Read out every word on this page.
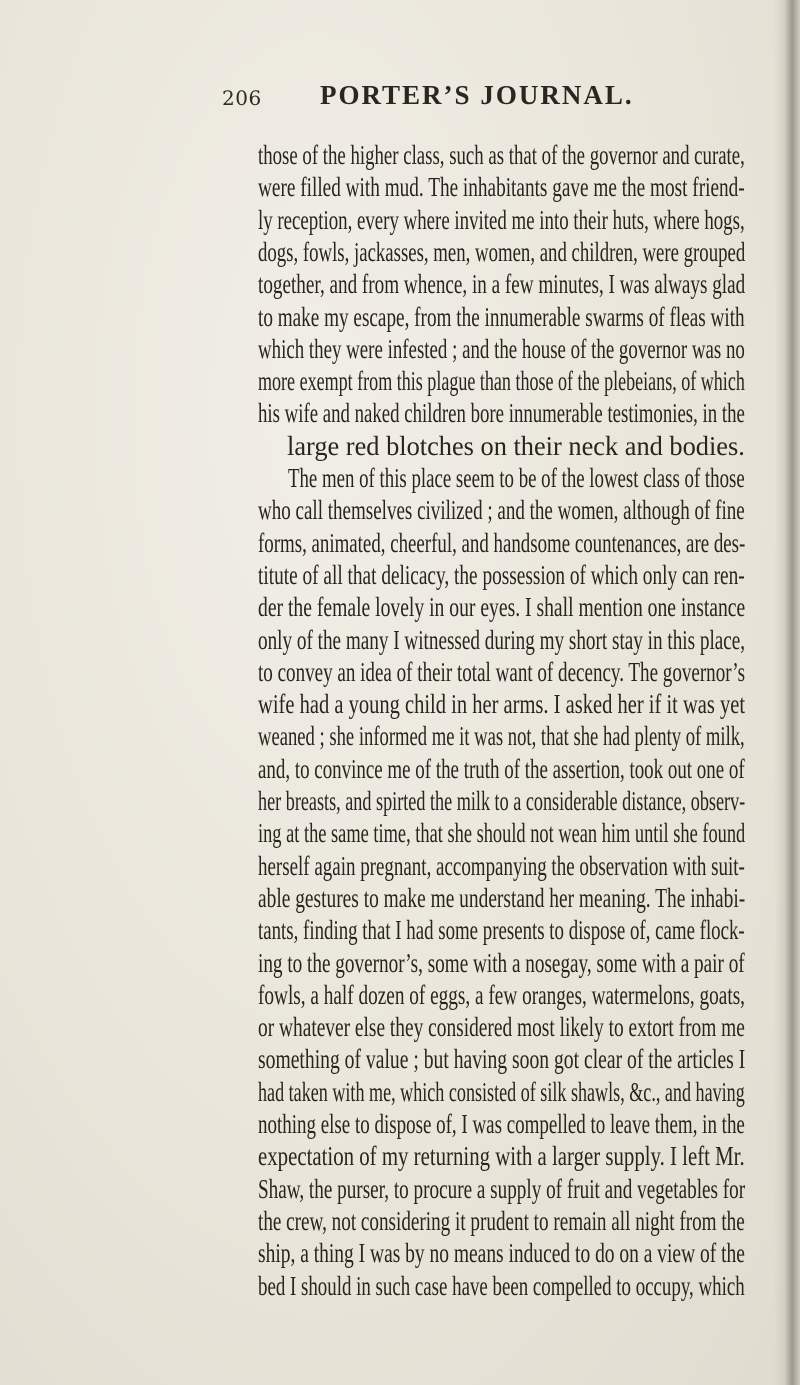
206 PORTER’S JOURNAL.
those of the higher class, such as that of the governor and curate,
were filled with mud. The inhabitants gave me the most friend-
ly reception, every where invited me into their huts, where hogs,
dogs, fowls, jackasses, men, women, and children, were grouped
together, and from whence, in a few minutes, I was always glad
to make my escape, from the innumerable swarms of fleas with
which they were infested ; and the house of the governor was no
more exempt from this plague than those of the plebeians, of which
his wife and naked children bore innumerable testimonies, in the
large red blotches on their neck and bodies.
The men of this place seem to be of the lowest class of those
who call themselves civilized ; and the women, although of fine
forms, animated, cheerful, and handsome countenances, are des-
titute of all that delicacy, the possession of which only can ren-
der the female lovely in our eyes. I shall mention one instance
only of the many I witnessed during my short stay in this place,
to convey an idea of their total want of decency. The governor’s
wife had a young child in her arms. I asked her if it was yet
weaned ; she informed me it was not, that she had plenty of milk,
and, to convince me of the truth of the assertion, took out one of
her breasts, and spirted the milk to a considerable distance, observ-
ing at the same time, that she should not wean him until she found
herself again pregnant, accompanying the observation with suit-
able gestures to make me understand her meaning. The inhabi-
tants, finding that I had some presents to dispose of, came flock-
ing to the governor’s, some with a nosegay, some with a pair of
fowls, a half dozen of eggs, a few oranges, watermelons, goats,
or whatever else they considered most likely to extort from me
something of value ; but having soon got clear of the articles I
had taken with me, which consisted of silk shawls, &c., and having
nothing else to dispose of, I was compelled to leave them, in the
expectation of my returning with a larger supply. I left Mr.
Shaw, the purser, to procure a supply of fruit and vegetables for
the crew, not considering it prudent to remain all night from the
ship, a thing I was by no means induced to do on a view of the
bed I should in such case have been compelled to occupy, which
